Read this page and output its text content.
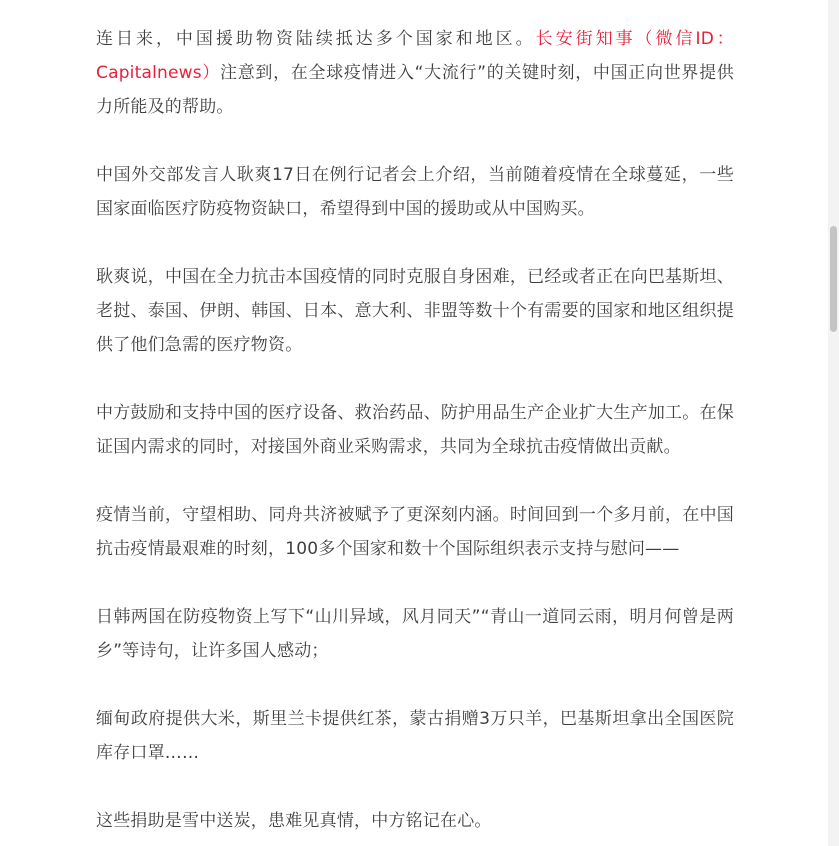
连日来，中国援助物资陆续抵达多个国家和地区。长安街知事（微信ID：Capitalnews）注意到，在全球疫情进入“大流行”的关键时刻，中国正向世界提供力所能及的帮助。

中国外交部发言人耿爽17日在例行记者会上介绍，当前随着疫情在全球蔓延，一些国家面临医疗防疫物资缺口，希望得到中国的援助或从中国购买。

耿爽说，中国在全力抗击本国疫情的同时克服自身困难，已经或者正在向巴基斯坦、老挝、泰国、伊朗、韩国、日本、意大利、非盟等数十个有需要的国家和地区组织提供了他们急需的医疗物资。

中方鼓励和支持中国的医疗设备、救治药品、防护用品生产企业扩大生产加工。在保证国内需求的同时，对接国外商业采购需求，共同为全球抗击疫情做出贡献。

疫情当前，守望相助、同舟共济被赋予了更深刻内涵。时间回到一个多月前，在中国抗击疫情最艰难的时刻，100多个国家和数十个国际组织表示支持与慰问——

日韩两国在防疫物资上写下“山川异域，风月同天”“青山一道同云雨，明月何曾是两乡”等诗句，让许多国人感动；

缅甸政府提供大米，斯里兰卡提供红茶，蒙古捐赠3万只羊，巴基斯坦拿出全国医院库存口罩……

这些捐助是雪中送炭，患难见真情，中方铭记在心。
